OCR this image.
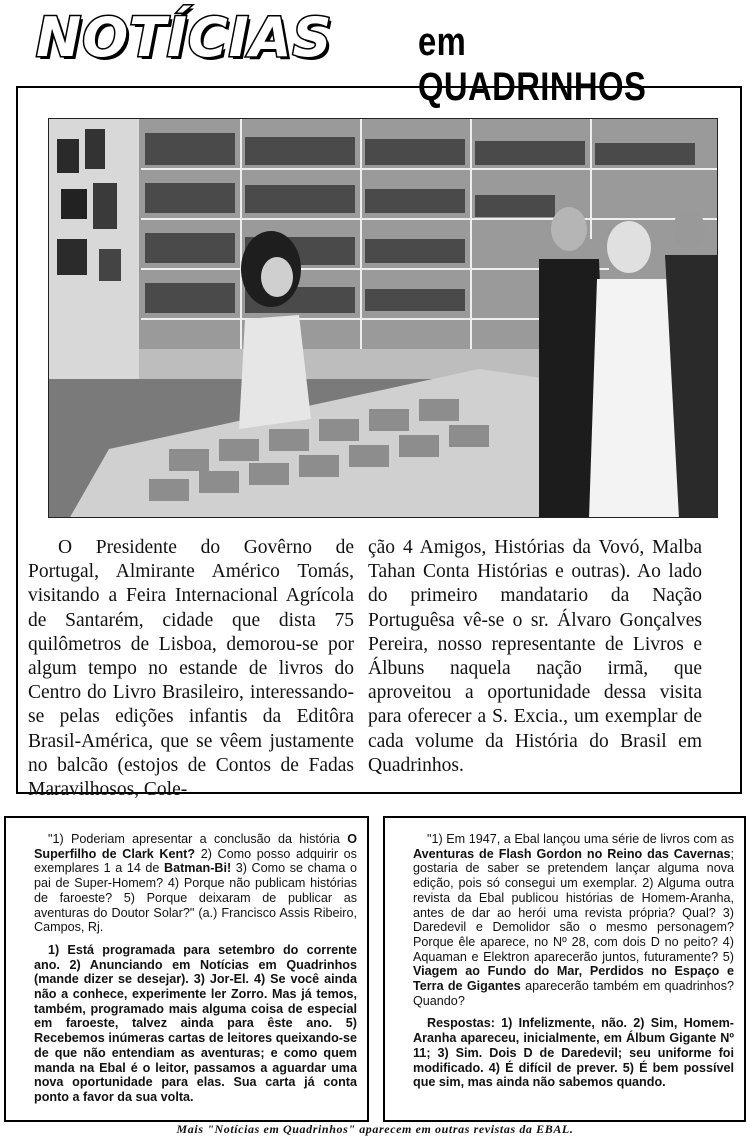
NOTÍCIAS em QUADRINHOS

O Presidente do Govêrno de Portugal, Almirante Américo Tomás, visitando a Feira Internacional Agrícola de Santarém, cidade que dista 75 quilômetros de Lisboa, demorou-se por algum tempo no estande de livros do Centro do Livro Brasileiro, interessando-se pelas edições infantis da Editôra Brasil-América, que se vêem justamente no balcão (estojos de Contos de Fadas Maravilhosos, Cole-

ção 4 Amigos, Histórias da Vovó, Malba Tahan Conta Histórias e outras). Ao lado do primeiro mandatario da Nação Portuguêsa vê-se o sr. Álvaro Gonçalves Pereira, nosso representante de Livros e Álbuns naquela nação irmã, que aproveitou a oportunidade dessa visita para oferecer a S. Excia., um exemplar de cada volume da História do Brasil em Quadrinhos.

"1) Poderiam apresentar a conclusão da história O Superfilho de Clark Kent? 2) Como posso adquirir os exemplares 1 a 14 de Batman-Bi! 3) Como se chama o pai de Super-Homem? 4) Porque não publicam histórias de faroeste? 5) Porque deixaram de publicar as aventuras do Doutor Solar?" (a.) Francisco Assis Ribeiro, Campos, Rj.

1) Está programada para setembro do corrente ano. 2) Anunciando em Notícias em Quadrinhos (mande dizer se desejar). 3) Jor-El. 4) Se você ainda não a conhece, experimente ler Zorro. Mas já temos, também, programado mais alguma coisa de especial em faroeste, talvez ainda para êste ano. 5) Recebemos inúmeras cartas de leitores queixando-se de que não entendiam as aventuras; e como quem manda na Ebal é o leitor, passamos a aguardar uma nova oportunidade para elas. Sua carta já conta ponto a favor da sua volta.

"1) Em 1947, a Ebal lançou uma série de livros com as Aventuras de Flash Gordon no Reino das Cavernas; gostaria de saber se pretendem lançar alguma nova edição, pois só consegui um exemplar. 2) Alguma outra revista da Ebal publicou histórias de Homem-Aranha, antes de dar ao herói uma revista própria? Qual? 3) Daredevil e Demolidor são o mesmo personagem? Porque êle aparece, no Nº 28, com dois D no peito? 4) Aquaman e Elektron aparecerão juntos, futuramente? 5) Viagem ao Fundo do Mar, Perdidos no Espaço e Terra de Gigantes aparecerão também em quadrinhos? Quando?

Respostas: 1) Infelizmente, não. 2) Sim, Homem-Aranha apareceu, inicialmente, em Álbum Gigante Nº 11; 3) Sim. Dois D de Daredevil; seu uniforme foi modificado. 4) É difícil de prever. 5) É bem possível que sim, mas ainda não sabemos quando.

Mais "Notícias em Quadrinhos" aparecem em outras revistas da EBAL.
